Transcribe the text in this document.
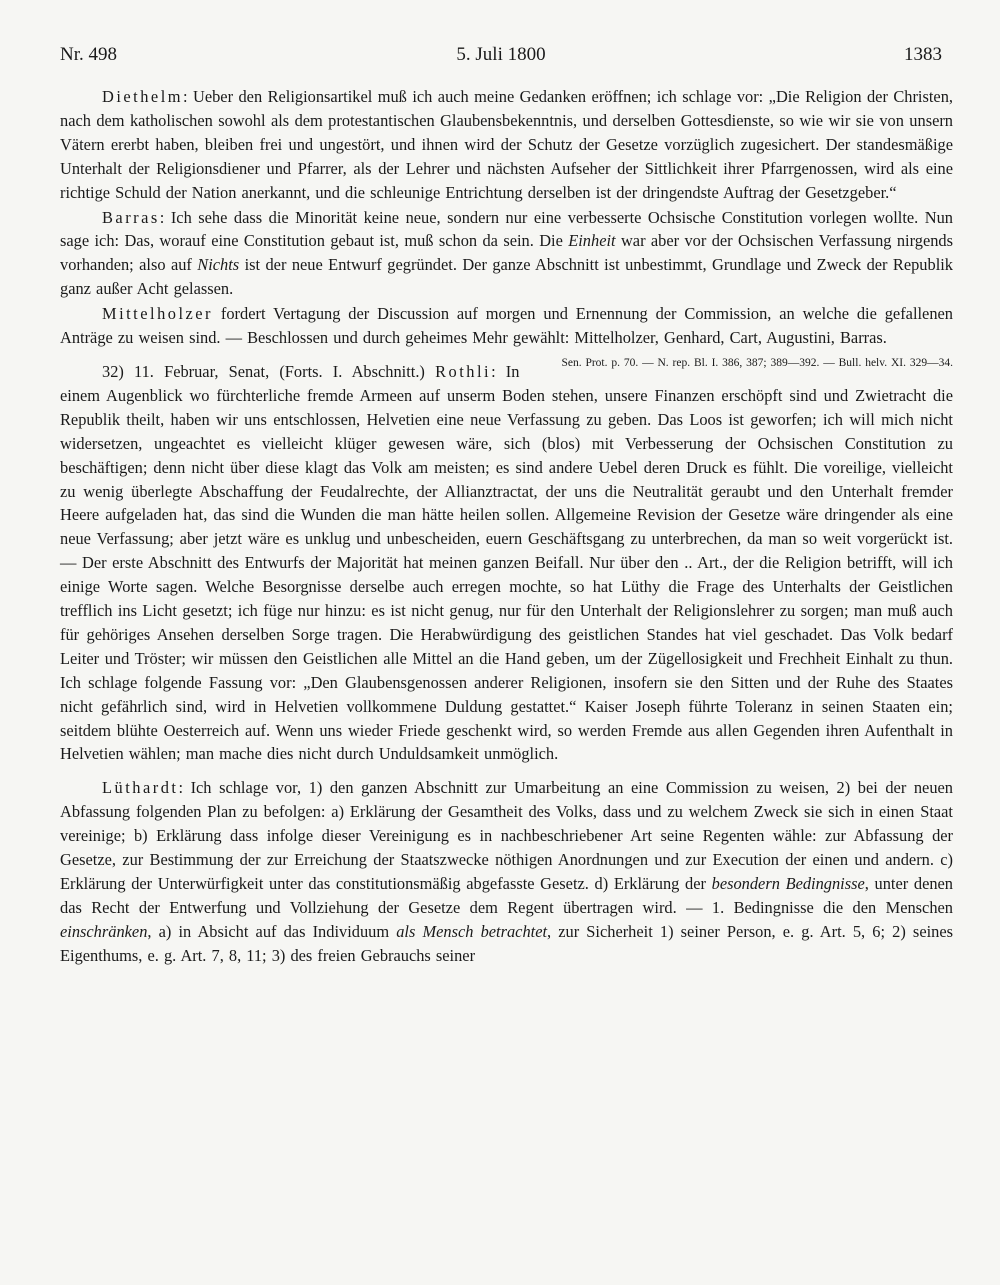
Nr. 498	5. Juli 1800	1383

Diethelm: Ueber den Religionsartikel muß ich auch meine Gedanken eröffnen; ich schlage vor: „Die Religion der Christen, nach dem katholischen sowohl als dem protestantischen Glaubensbekenntnis, und derselben Gottesdienste, so wie wir sie von unsern Vätern ererbt haben, bleiben frei und ungestört, und ihnen wird der Schutz der Gesetze vorzüglich zugesichert. Der standesmäßige Unterhalt der Religionsdiener und Pfarrer, als der Lehrer und nächsten Aufseher der Sittlichkeit ihrer Pfarrgenossen, wird als eine richtige Schuld der Nation anerkannt, und die schleunige Entrichtung derselben ist der dringendste Auftrag der Gesetzgeber.“

Barras: Ich sehe dass die Minorität keine neue, sondern nur eine verbesserte Ochsische Constitution vorlegen wollte. Nun sage ich: Das, worauf eine Constitution gebaut ist, muß schon da sein. Die Einheit war aber vor der Ochsischen Verfassung nirgends vorhanden; also auf Nichts ist der neue Entwurf gegründet. Der ganze Abschnitt ist unbestimmt, Grundlage und Zweck der Republik ganz außer Acht gelassen.

Mittelholzer fordert Vertagung der Discussion auf morgen und Ernennung der Commission, an welche die gefallenen Anträge zu weisen sind. — Beschlossen und durch geheimes Mehr gewählt: Mittelholzer, Genhard, Cart, Augustini, Barras.
Sen. Prot. p. 70. — N. rep. Bl. I. 386, 387; 389—392. — Bull. helv. XI. 329—34.

32) 11. Februar, Senat, (Forts. I. Abschnitt.) Rothli: In einem Augenblick wo fürchterliche fremde Armeen auf unserm Boden stehen, unsere Finanzen erschöpft sind und Zwietracht die Republik theilt, haben wir uns entschlossen, Helvetien eine neue Verfassung zu geben. Das Loos ist geworfen; ich will mich nicht widersetzen, ungeachtet es vielleicht klüger gewesen wäre, sich (blos) mit Verbesserung der Ochsischen Constitution zu beschäftigen; denn nicht über diese klagt das Volk am meisten; es sind andere Uebel deren Druck es fühlt. Die voreilige, vielleicht zu wenig überlegte Abschaffung der Feudalrechte, der Allianztractat, der uns die Neutralität geraubt und den Unterhalt fremder Heere aufgeladen hat, das sind die Wunden die man hätte heilen sollen. Allgemeine Revision der Gesetze wäre dringender als eine neue Verfassung; aber jetzt wäre es unklug und unbescheiden, euern Geschäftsgang zu unterbrechen, da man so weit vorgerückt ist. — Der erste Abschnitt des Entwurfs der Majorität hat meinen ganzen Beifall. Nur über den .. Art., der die Religion betrifft, will ich einige Worte sagen. Welche Besorgnisse derselbe auch erregen mochte, so hat Lüthy die Frage des Unterhalts der Geistlichen trefflich ins Licht gesetzt; ich füge nur hinzu: es ist nicht genug, nur für den Unterhalt der Religionslehrer zu sorgen; man muß auch für gehöriges Ansehen derselben Sorge tragen. Die Herabwürdigung des geistlichen Standes hat viel geschadet. Das Volk bedarf Leiter und Tröster; wir müssen den Geistlichen alle Mittel an die Hand geben, um der Zügellosigkeit und Frechheit Einhalt zu thun. Ich schlage folgende Fassung vor: „Den Glaubensgenossen anderer Religionen, insofern sie den Sitten und der Ruhe des Staates nicht gefährlich sind, wird in Helvetien vollkommene Duldung gestattet.“ Kaiser Joseph führte Toleranz in seinen Staaten ein; seitdem blühte Oesterreich auf. Wenn uns wieder Friede geschenkt wird, so werden Fremde aus allen Gegenden ihren Aufenthalt in Helvetien wählen; man mache dies nicht durch Unduldsamkeit unmöglich.

Lüthardt: Ich schlage vor, 1) den ganzen Abschnitt zur Umarbeitung an eine Commission zu weisen, 2) bei der neuen Abfassung folgenden Plan zu befolgen: a) Erklärung der Gesamtheit des Volks, dass und zu welchem Zweck sie sich in einen Staat vereinige; b) Erklärung dass infolge dieser Vereinigung es in nachbeschriebener Art seine Regenten wähle: zur Abfassung der Gesetze, zur Bestimmung der zur Erreichung der Staatszwecke nöthigen Anordnungen und zur Execution der einen und andern. c) Erklärung der Unterwürfigkeit unter das constitutionsmäßig abgefasste Gesetz. d) Erklärung der besondern Bedingnisse, unter denen das Recht der Entwerfung und Vollziehung der Gesetze dem Regent übertragen wird. — 1. Bedingnisse die den Menschen einschränken, a) in Absicht auf das Individuum als Mensch betrachtet, zur Sicherheit 1) seiner Person, e. g. Art. 5, 6; 2) seines Eigenthums, e. g. Art. 7, 8, 11; 3) des freien Gebrauchs seiner
